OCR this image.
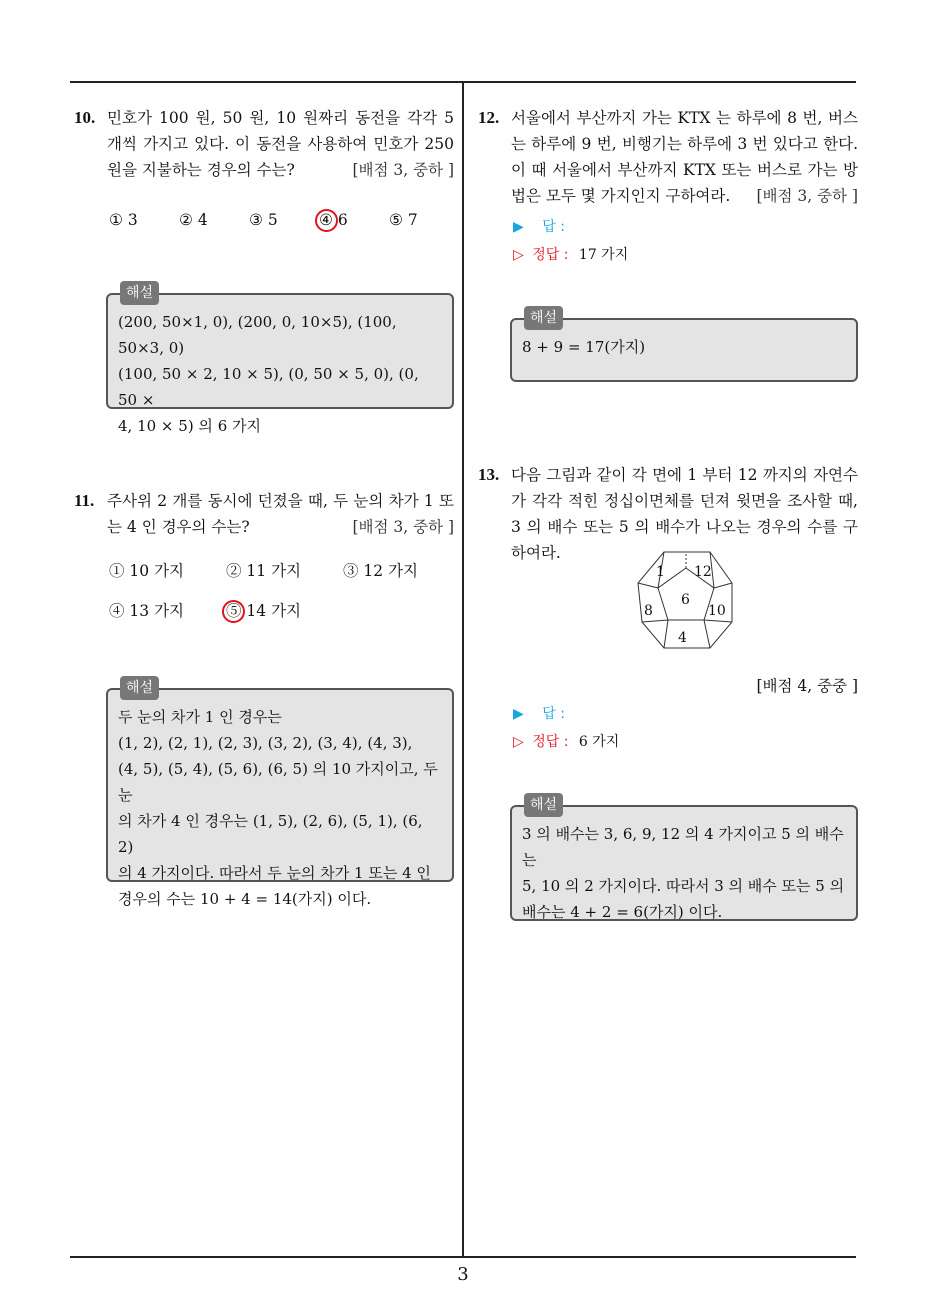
10. 민호가 100 원, 50 원, 10 원짜리 동전을 각각 5 개씩 가지고 있다. 이 동전을 사용하여 민호가 250 원을 지불하는 경우의 수는?	[배점 3, 중하 ]
① 3	② 4	③ 5	④ 6	⑤ 7
해설
(200, 50×1, 0), (200, 0, 10×5), (100, 50×3, 0)
(100, 50 × 2, 10 × 5), (0, 50 × 5, 0), (0, 50 ×
4, 10 × 5) 의 6 가지
11. 주사위 2 개를 동시에 던졌을 때, 두 눈의 차가 1 또는 4 인 경우의 수는?	[배점 3, 중하 ]
① 10 가지	② 11 가지	③ 12 가지
④ 13 가지	⑤ 14 가지
해설
두 눈의 차가 1 인 경우는
(1, 2), (2, 1), (2, 3), (3, 2), (3, 4), (4, 3),
(4, 5), (5, 4), (5, 6), (6, 5) 의 10 가지이고, 두 눈
의 차가 4 인 경우는 (1, 5), (2, 6), (5, 1), (6, 2)
의 4 가지이다. 따라서 두 눈의 차가 1 또는 4 인
경우의 수는 10 + 4 = 14(가지) 이다.
12. 서울에서 부산까지 가는 KTX 는 하루에 8 번, 버스는 하루에 9 번, 비행기는 하루에 3 번 있다고 한다. 이 때 서울에서 부산까지 KTX 또는 버스로 가는 방법은 모두 몇 가지인지 구하여라. [배점 3, 중하 ]
▶ 답 :
▷ 정답 : 17 가지
해설
8 + 9 = 17(가지)
13. 다음 그림과 같이 각 면에 1 부터 12 까지의 자연수가 각각 적힌 정십이면체를 던져 윗면을 조사할 때, 3 의 배수 또는 5 의 배수가 나오는 경우의 수를 구하여라.
1 12
6
8	10
4
[배점 4, 중중 ]
▶ 답 :
▷ 정답 : 6 가지
해설
3 의 배수는 3, 6, 9, 12 의 4 가지이고 5 의 배수는
5, 10 의 2 가지이다. 따라서 3 의 배수 또는 5 의
배수는 4 + 2 = 6(가지) 이다.
3
